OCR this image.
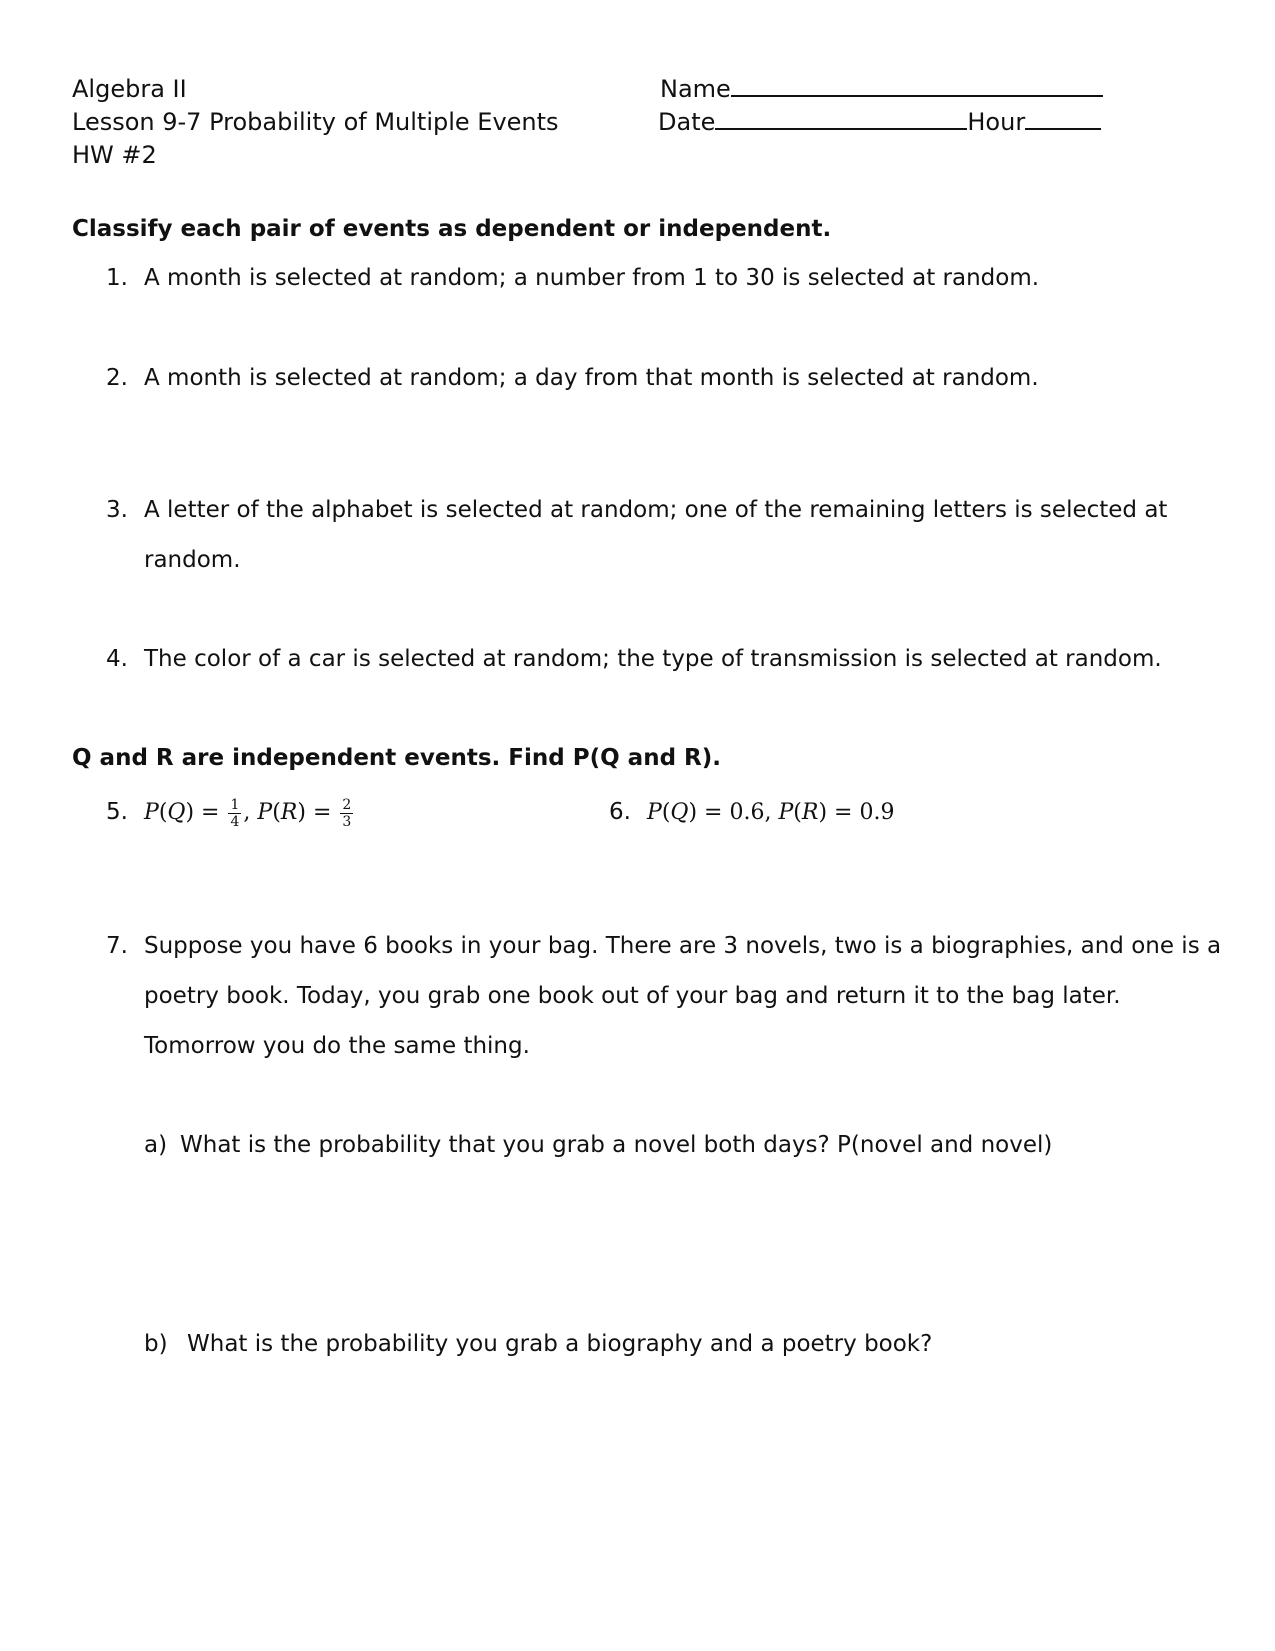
Algebra II
Lesson 9-7 Probability of Multiple Events
HW #2
Name
Date	Hour
Classify each pair of events as dependent or independent.
1. A month is selected at random; a number from 1 to 30 is selected at random.
2. A month is selected at random; a day from that month is selected at random.
3. A letter of the alphabet is selected at random; one of the remaining letters is selected at
random.
4. The color of a car is selected at random; the type of transmission is selected at random.
Q and R are independent events. Find P(Q and R).
5. $P(Q) = \frac{1}{4}$ , $P(R) = \frac{2}{3}$	6. P(Q) = 0.6, P(R) = 0.9
7. Suppose you have 6 books in your bag. There are 3 novels, two is a biographies, and one is a
poetry book. Today, you grab one book out of your bag and return it to the bag later.
Tomorrow you do the same thing.
a) What is the probability that you grab a novel both days? P(novel and novel)
b) What is the probability you grab a biography and a poetry book?
